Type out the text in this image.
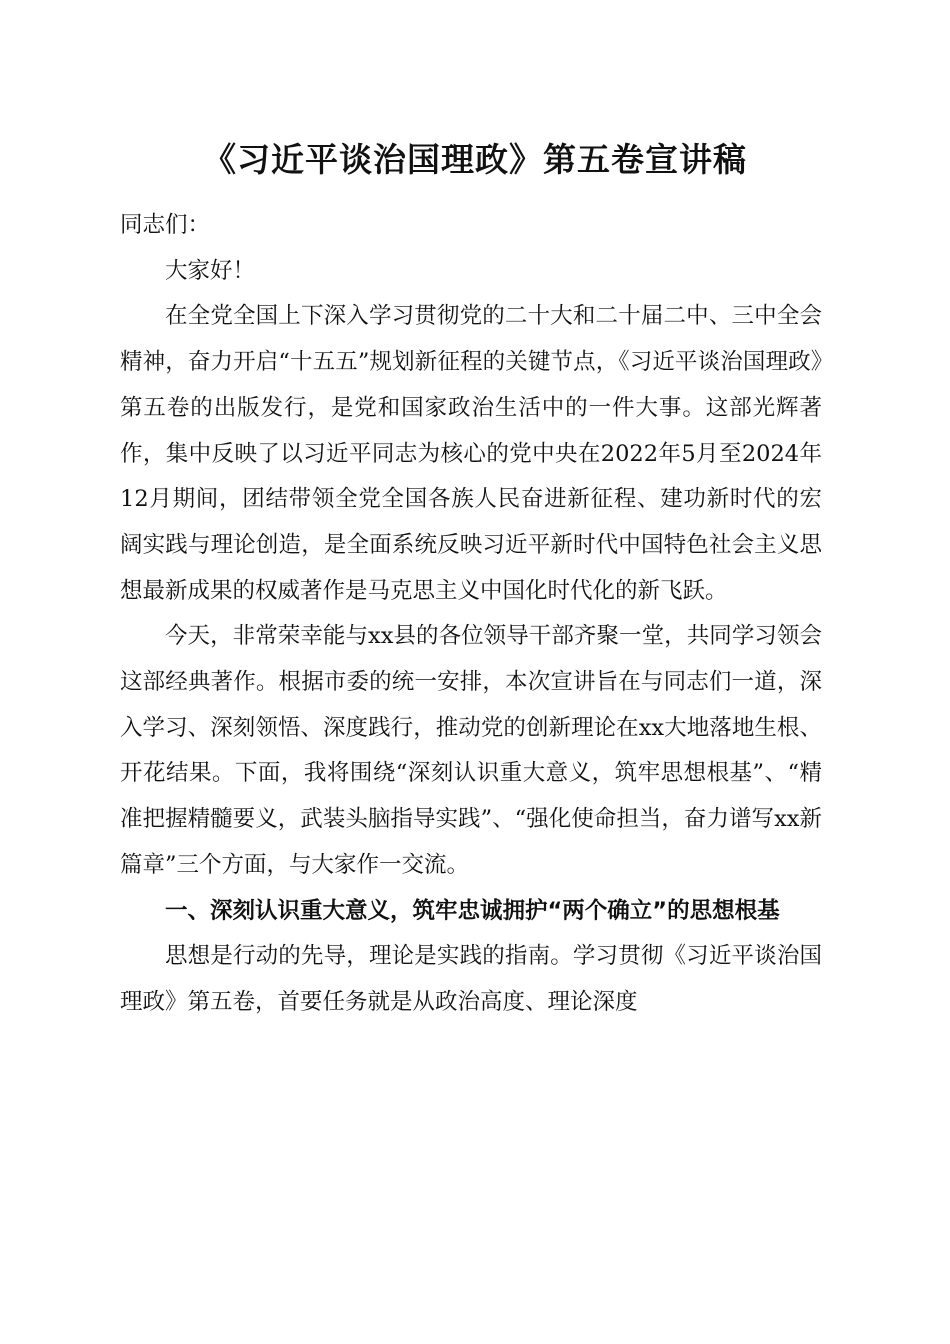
《习近平谈治国理政》第五卷宣讲稿

同志们：

大家好！

在全党全国上下深入学习贯彻党的二十大和二十届二中、三中全会精神，奋力开启“十五五”规划新征程的关键节点，《习近平谈治国理政》第五卷的出版发行，是党和国家政治生活中的一件大事。这部光辉著作，集中反映了以习近平同志为核心的党中央在2022年5月至2024年12月期间，团结带领全党全国各族人民奋进新征程、建功新时代的宏阔实践与理论创造，是全面系统反映习近平新时代中国特色社会主义思想最新成果的权威著作是马克思主义中国化时代化的新飞跃。

今天，非常荣幸能与xx县的各位领导干部齐聚一堂，共同学习领会这部经典著作。根据市委的统一安排，本次宣讲旨在与同志们一道，深入学习、深刻领悟、深度践行，推动党的创新理论在xx大地落地生根、开花结果。下面，我将围绕“深刻认识重大意义，筑牢思想根基”、“精准把握精髓要义，武装头脑指导实践”、“强化使命担当，奋力谱写xx新篇章”三个方面，与大家作一交流。

一、深刻认识重大意义，筑牢忠诚拥护“两个确立”的思想根基

思想是行动的先导，理论是实践的指南。学习贯彻《习近平谈治国理政》第五卷，首要任务就是从政治高度、理论深度
